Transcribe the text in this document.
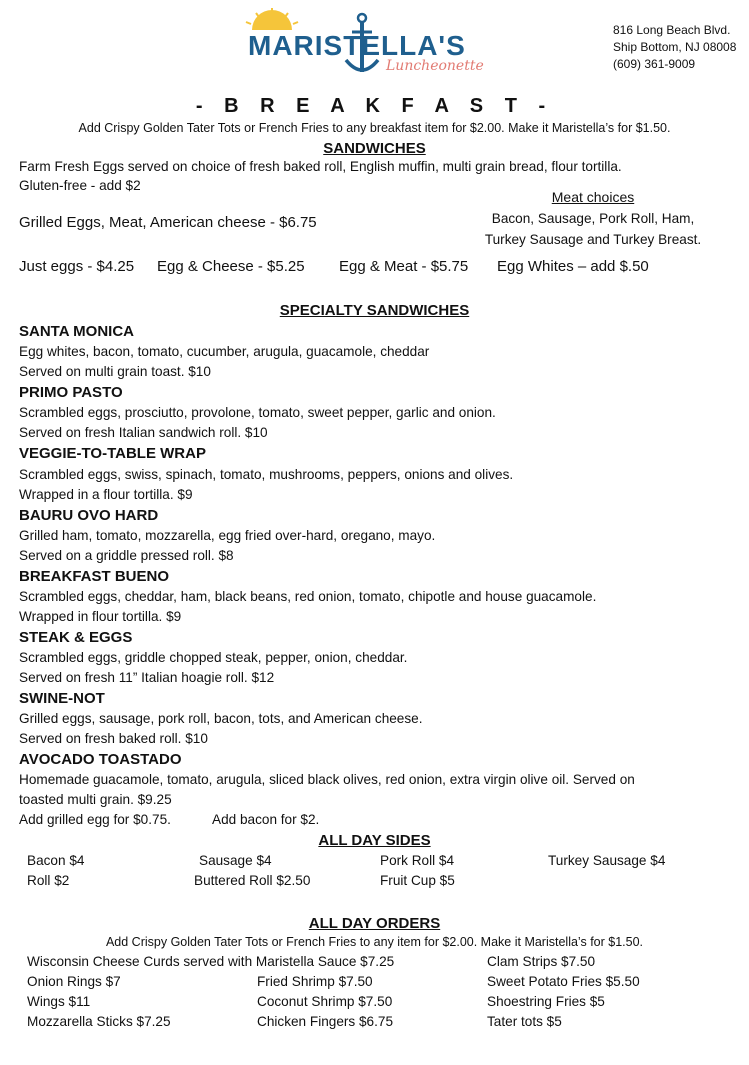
MARISTELLA'S
Luncheonette
816 Long Beach Blvd.
Ship Bottom, NJ 08008
(609) 361-9009
- B R E A K F A S T -
Add Crispy Golden Tater Tots or French Fries to any breakfast item for $2.00. Make it Maristella’s for $1.50.
SANDWICHES
Farm Fresh Eggs served on choice of fresh baked roll, English muffin, multi grain bread, flour tortilla.
Gluten-free - add $2
Grilled Eggs, Meat, American cheese - $6.75
Meat choices
Bacon, Sausage, Pork Roll, Ham,
Turkey Sausage and Turkey Breast.
Just eggs - $4.25 Egg & Cheese - $5.25 Egg & Meat - $5.75 Egg Whites – add $.50
SPECIALTY SANDWICHES
SANTA MONICA
Egg whites, bacon, tomato, cucumber, arugula, guacamole, cheddar
Served on multi grain toast. $10
PRIMO PASTO
Scrambled eggs, prosciutto, provolone, tomato, sweet pepper, garlic and onion.
Served on fresh Italian sandwich roll. $10
VEGGIE-TO-TABLE WRAP
Scrambled eggs, swiss, spinach, tomato, mushrooms, peppers, onions and olives.
Wrapped in a flour tortilla. $9
BAURU OVO HARD
Grilled ham, tomato, mozzarella, egg fried over-hard, oregano, mayo.
Served on a griddle pressed roll. $8
BREAKFAST BUENO
Scrambled eggs, cheddar, ham, black beans, red onion, tomato, chipotle and house guacamole.
Wrapped in flour tortilla. $9
STEAK & EGGS
Scrambled eggs, griddle chopped steak, pepper, onion, cheddar.
Served on fresh 11” Italian hoagie roll. $12
SWINE-NOT
Grilled eggs, sausage, pork roll, bacon, tots, and American cheese.
Served on fresh baked roll. $10
AVOCADO TOASTADO
Homemade guacamole, tomato, arugula, sliced black olives, red onion, extra virgin olive oil. Served on
toasted multi grain. $9.25
Add grilled egg for $0.75.	Add bacon for $2.
ALL DAY SIDES
Bacon $4	Sausage $4	Pork Roll $4	Turkey Sausage $4
Roll $2	Buttered Roll $2.50	Fruit Cup $5
ALL DAY ORDERS
Add Crispy Golden Tater Tots or French Fries to any item for $2.00. Make it Maristella’s for $1.50.
Wisconsin Cheese Curds served with Maristella Sauce $7.25	Clam Strips $7.50
Onion Rings $7	Fried Shrimp $7.50	Sweet Potato Fries $5.50
Wings $11	Coconut Shrimp $7.50	Shoestring Fries $5
Mozzarella Sticks $7.25	Chicken Fingers $6.75	Tater tots $5
